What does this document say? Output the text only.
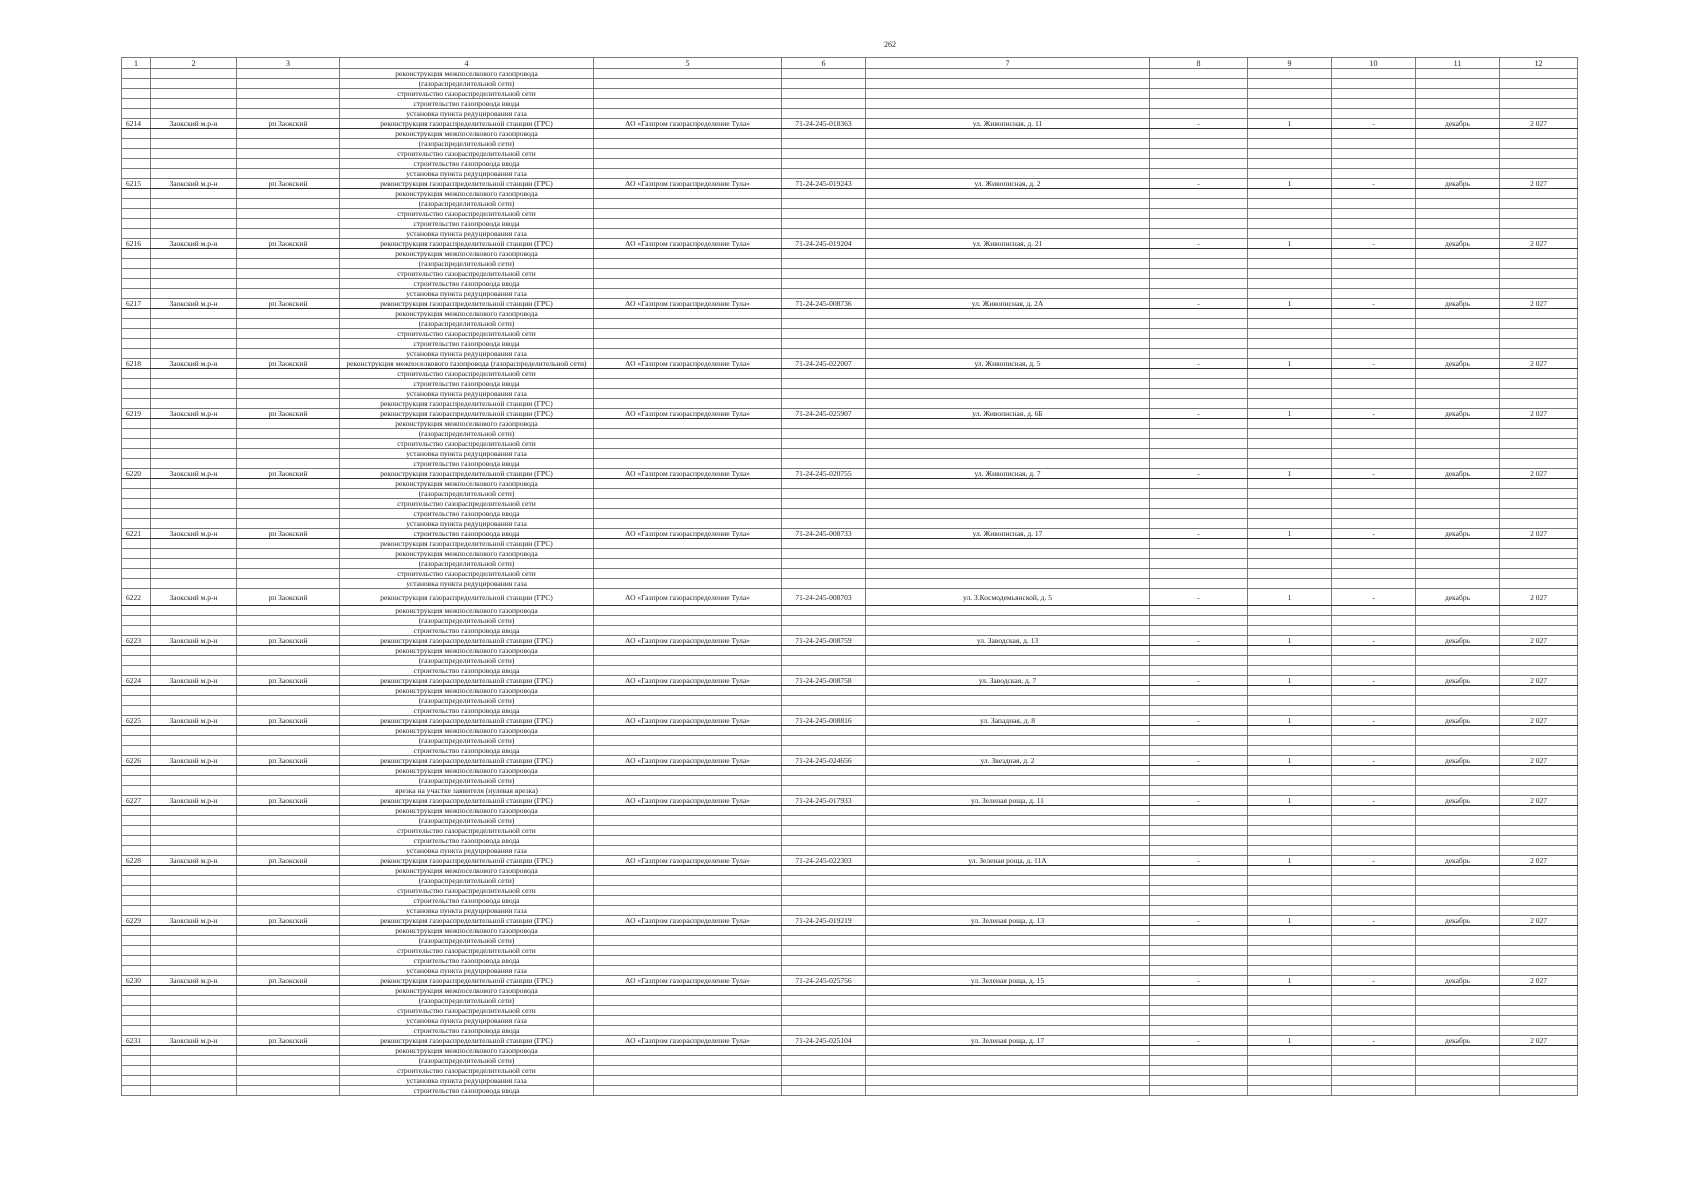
262
1	2	3	4	5	6	7	8	9	10	11	12
			реконструкция межпоселкового газопровода								
			(газораспределительной сети)								
			строительство газораспределительной сети								
			строительство газопровода ввода								
			установка пункта редуцирования газа								
6214	Заокский м.р-н	рп Заокский	реконструкция газораспределительной станции (ГРС)	АО «Газпром газораспределение Тула»	71-24-245-018363	ул. Живописная, д. 11	-	1	-	декабрь	2 027
			реконструкция межпоселкового газопровода								
			(газораспределительной сети)								
			строительство газораспределительной сети								
			строительство газопровода ввода								
			установка пункта редуцирования газа								
6215	Заокский м.р-н	рп Заокский	реконструкция газораспределительной станции (ГРС)	АО «Газпром газораспределение Тула»	71-24-245-019243	ул. Живописная, д. 2	-	1	-	декабрь	2 027
			реконструкция межпоселкового газопровода								
			(газораспределительной сети)								
			строительство газораспределительной сети								
			строительство газопровода ввода								
			установка пункта редуцирования газа								
6216	Заокский м.р-н	рп Заокский	реконструкция газораспределительной станции (ГРС)	АО «Газпром газораспределение Тула»	71-24-245-019204	ул. Живописная, д. 21	-	1	-	декабрь	2 027
			реконструкция межпоселкового газопровода								
			(газораспределительной сети)								
			строительство газораспределительной сети								
			строительство газопровода ввода								
			установка пункта редуцирования газа								
6217	Заокский м.р-н	рп Заокский	реконструкция газораспределительной станции (ГРС)	АО «Газпром газораспределение Тула»	71-24-245-008736	ул. Живописная, д. 2А	-	1	-	декабрь	2 027
			реконструкция межпоселкового газопровода								
			(газораспределительной сети)								
			строительство газораспределительной сети								
			строительство газопровода ввода								
			установка пункта редуцирования газа								
6218	Заокский м.р-н	рп Заокский	реконструкция межпоселкового газопровода (газораспределительной сети)	АО «Газпром газораспределение Тула»	71-24-245-022007	ул. Живописная, д. 5	-	1	-	декабрь	2 027
			строительство газораспределительной сети								
			строительство газопровода ввода								
			установка пункта редуцирования газа								
			реконструкция газораспределительной станции (ГРС)								
6219	Заокский м.р-н	рп Заокский	реконструкция газораспределительной станции (ГРС)	АО «Газпром газораспределение Тула»	71-24-245-025907	ул. Живописная, д. 6Б	-	1	-	декабрь	2 027
			реконструкция межпоселкового газопровода								
			(газораспределительной сети)								
			строительство газораспределительной сети								
			установка пункта редуцирования газа								
			строительство газопровода ввода								
6220	Заокский м.р-н	рп Заокский	реконструкция газораспределительной станции (ГРС)	АО «Газпром газораспределение Тула»	71-24-245-020755	ул. Живописная, д. 7	-	1	-	декабрь	2 027
			реконструкция межпоселкового газопровода								
			(газораспределительной сети)								
			строительство газораспределительной сети								
			строительство газопровода ввода								
			установка пункта редуцирования газа								
6221	Заокский м.р-н	рп Заокский	строительство газопровода ввода	АО «Газпром газораспределение Тула»	71-24-245-008733	ул. Живописная, д. 17	-	1	-	декабрь	2 027
			реконструкция газораспределительной станции (ГРС)								
			реконструкция межпоселкового газопровода								
			(газораспределительной сети)								
			строительство газораспределительной сети								
			установка пункта редуцирования газа								
6222	Заокский м.р-н	рп Заокский	реконструкция газораспределительной станции (ГРС)	АО «Газпром газораспределение Тула»	71-24-245-008703	ул. З.Космодемьянской, д. 5	-	1	-	декабрь	2 027
			реконструкция межпоселкового газопровода								
			(газораспределительной сети)								
			строительство газопровода ввода								
6223	Заокский м.р-н	рп Заокский	реконструкция газораспределительной станции (ГРС)	АО «Газпром газораспределение Тула»	71-24-245-008759	ул. Заводская, д. 13	-	1	-	декабрь	2 027
			реконструкция межпоселкового газопровода								
			(газораспределительной сети)								
			строительство газопровода ввода								
6224	Заокский м.р-н	рп Заокский	реконструкция газораспределительной станции (ГРС)	АО «Газпром газораспределение Тула»	71-24-245-008758	ул. Заводская, д. 7	-	1	-	декабрь	2 027
			реконструкция межпоселкового газопровода								
			(газораспределительной сети)								
			строительство газопровода ввода								
6225	Заокский м.р-н	рп Заокский	реконструкция газораспределительной станции (ГРС)	АО «Газпром газораспределение Тула»	71-24-245-008816	ул. Западная, д. 8	-	1	-	декабрь	2 027
			реконструкция межпоселкового газопровода								
			(газораспределительной сети)								
			строительство газопровода ввода								
6226	Заокский м.р-н	рп Заокский	реконструкция газораспределительной станции (ГРС)	АО «Газпром газораспределение Тула»	71-24-245-024656	ул. Звездная, д. 2	-	1	-	декабрь	2 027
			реконструкция межпоселкового газопровода								
			(газораспределительной сети)								
			врезка на участке заявителя (нулевая врезка)								
6227	Заокский м.р-н	рп Заокский	реконструкция газораспределительной станции (ГРС)	АО «Газпром газораспределение Тула»	71-24-245-017933	ул. Зеленая роща, д. 11	-	1	-	декабрь	2 027
			реконструкция межпоселкового газопровода								
			(газораспределительной сети)								
			строительство газораспределительной сети								
			строительство газопровода ввода								
			установка пункта редуцирования газа								
6228	Заокский м.р-н	рп Заокский	реконструкция газораспределительной станции (ГРС)	АО «Газпром газораспределение Тула»	71-24-245-022303	ул. Зеленая роща, д. 11А	-	1	-	декабрь	2 027
			реконструкция межпоселкового газопровода								
			(газораспределительной сети)								
			строительство газораспределительной сети								
			строительство газопровода ввода								
			установка пункта редуцирования газа								
6229	Заокский м.р-н	рп Заокский	реконструкция газораспределительной станции (ГРС)	АО «Газпром газораспределение Тула»	71-24-245-019219	ул. Зеленая роща, д. 13	-	1	-	декабрь	2 027
			реконструкция межпоселкового газопровода								
			(газораспределительной сети)								
			строительство газораспределительной сети								
			строительство газопровода ввода								
			установка пункта редуцирования газа								
6230	Заокский м.р-н	рп Заокский	реконструкция газораспределительной станции (ГРС)	АО «Газпром газораспределение Тула»	71-24-245-025756	ул. Зеленая роща, д. 15	-	1	-	декабрь	2 027
			реконструкция межпоселкового газопровода								
			(газораспределительной сети)								
			строительство газораспределительной сети								
			установка пункта редуцирования газа								
			строительство газопровода ввода								
6231	Заокский м.р-н	рп Заокский	реконструкция газораспределительной станции (ГРС)	АО «Газпром газораспределение Тула»	71-24-245-025104	ул. Зеленая роща, д. 17	-	1	-	декабрь	2 027
			реконструкция межпоселкового газопровода								
			(газораспределительной сети)								
			строительство газораспределительной сети								
			установка пункта редуцирования газа								
			строительство газопровода ввода								
